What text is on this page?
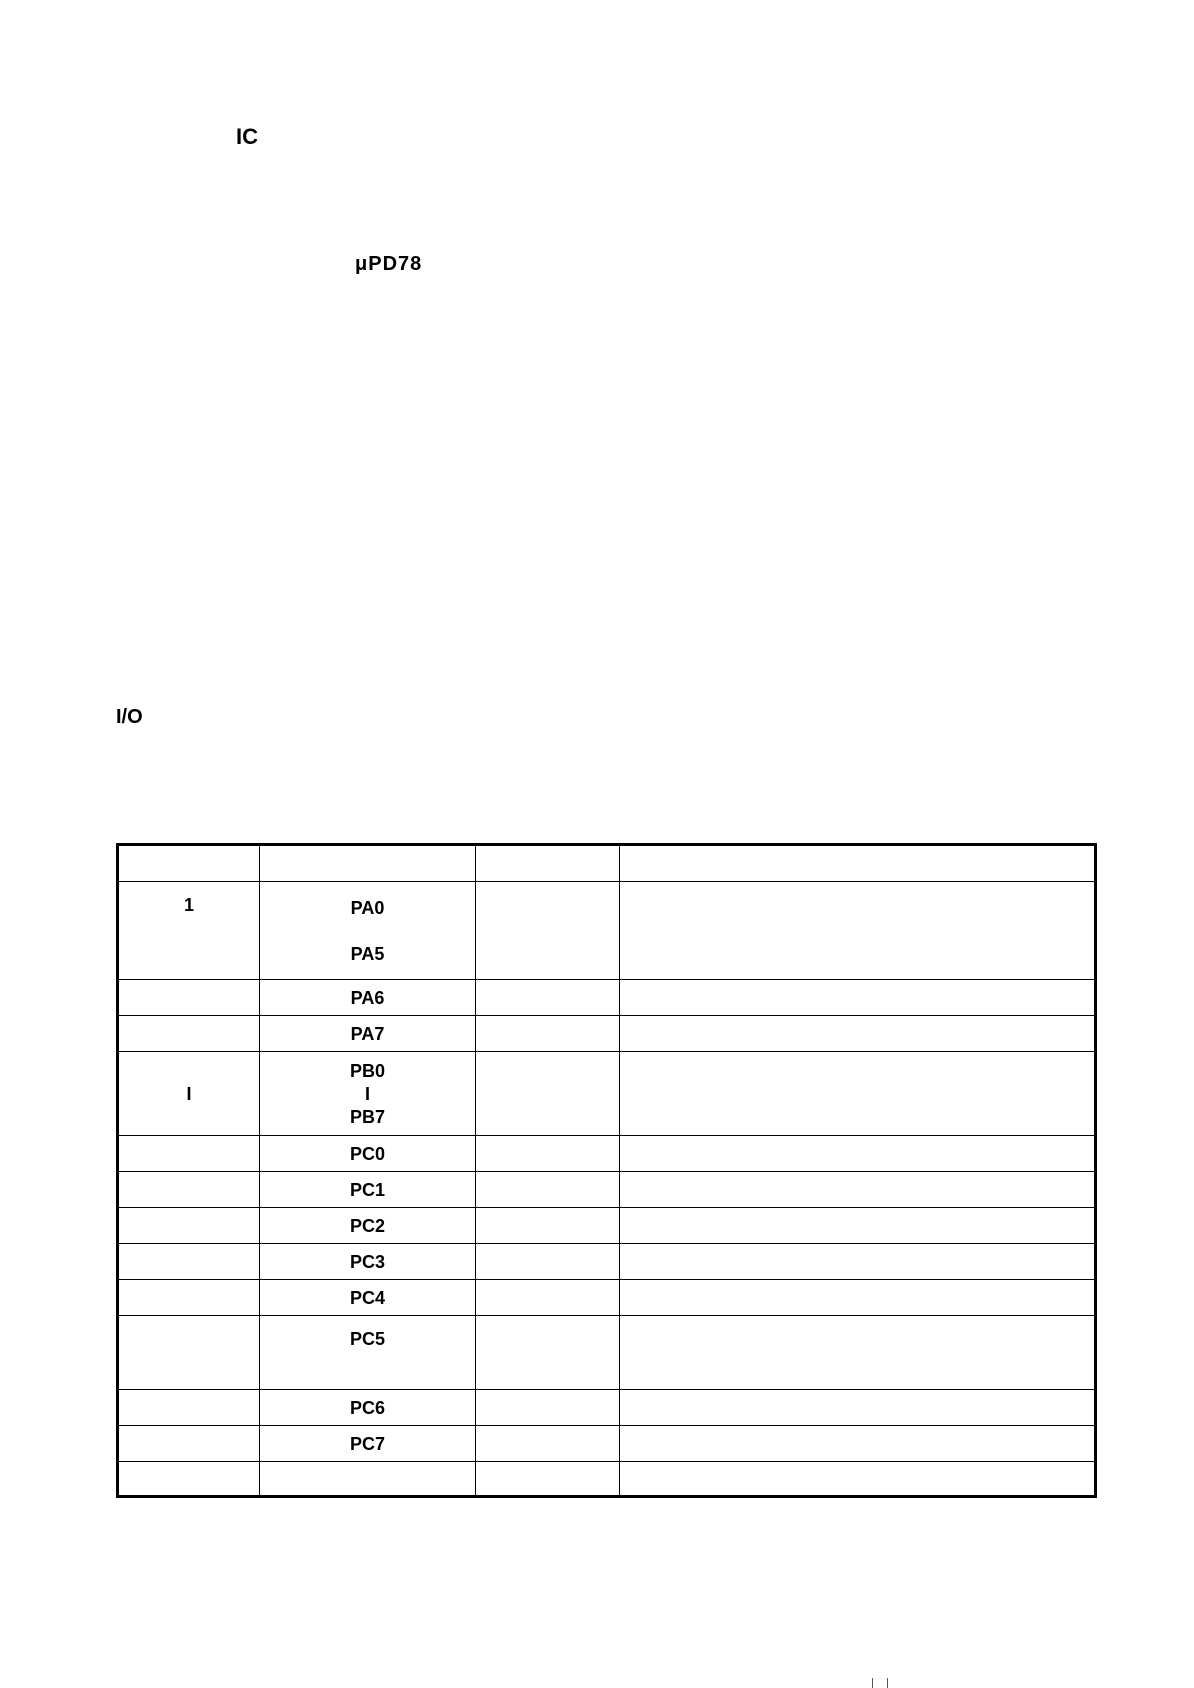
IC
μPD78
I/O

1	PA0
PA5		

	PA6		
	PA7		
I	PB0
I
PB7		

	PC0		
	PC1		
	PC2		
	PC3		
	PC4		
	PC5		
	PC6		
	PC7		
